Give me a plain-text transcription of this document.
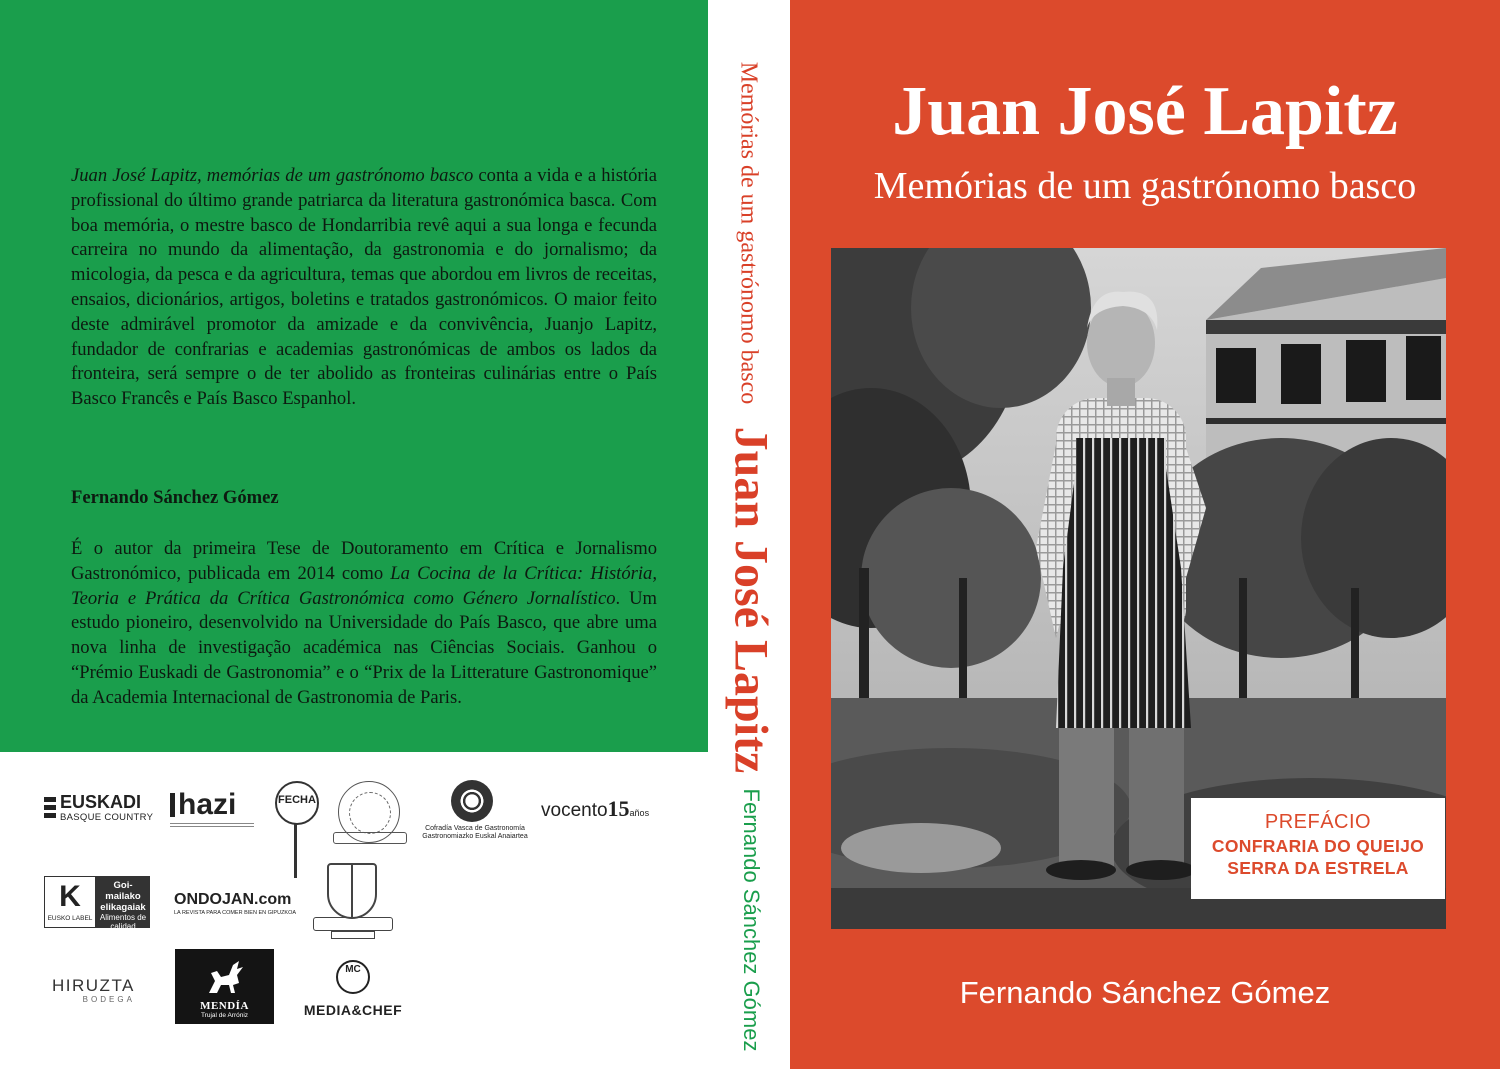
Juan José Lapitz, memórias de um gastrónomo basco conta a vida e a história profissional do último grande patriarca da literatura gastronómica basca. Com boa memória, o mestre basco de Hondarribia revê aqui a sua longa e fecunda carreira no mundo da alimentação, da gastronomia e do jornalismo; da micologia, da pesca e da agricultura, temas que abordou em livros de receitas, ensaios, dicionários, artigos, boletins e tratados gastronómicos. O maior feito deste admirável promotor da amizade e da convivência, Juanjo Lapitz, fundador de confrarias e academias gastronómicas de ambos os lados da fronteira, será sempre o de ter abolido as fronteiras culinárias entre o País Basco Francês e País Basco Espanhol.

Fernando Sánchez Gómez
É o autor da primeira Tese de Doutoramento em Crítica e Jornalismo Gastronómico, publicada em 2014 como La Cocina de la Crítica: História, Teoria e Prática da Crítica Gastronómica como Género Jornalístico. Um estudo pioneiro, desenvolvido na Universidade do País Basco, que abre uma nova linha de investigação académica nas Ciências Sociais. Ganhou o “Prémio Euskadi de Gastronomia” e o “Prix de la Litterature Gastronomique” da Academia Internacional de Gastronomia de Paris.
EUSKADI
BASQUE COUNTRY hazi	FECHA
Cofradía Vasca de Gastronomía
Gastronomiazko Euskal Anaiartea
vocento15años
K
EUSKO LABEL
Goi-mailako elikagaiak
Alimentos de calidad superior
ONDOJAN.com
LA REVISTA PARA COMER BIEN EN GIPUZKOA
HIRUZTA
BODEGA
MENDÍA
Trujal de Arróniz
MC
MEDIA&CHEF
Memórias de um gastrónomo basco
Juan José Lapitz
Fernando Sánchez Gómez
Juan José Lapitz
Memórias de um gastrónomo basco
PREFÁCIO
CONFRARIA DO QUEIJO
SERRA DA ESTRELA
Fernando Sánchez Gómez
